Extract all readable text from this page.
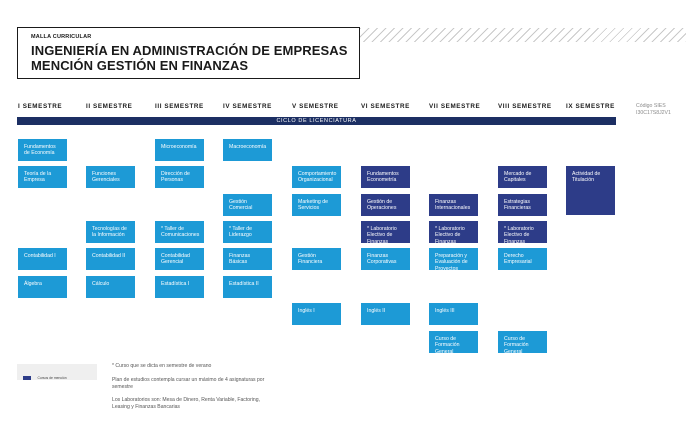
MALLA CURRICULAR
INGENIERÍA EN ADMINISTRACIÓN DE EMPRESAS
MENCIÓN GESTIÓN EN FINANZAS
I SEMESTRE	II SEMESTRE	III SEMESTRE	IV SEMESTRE	V SEMESTRE	VI SEMESTRE	VII SEMESTRE	VIII SEMESTRE IX SEMESTRE	Código SIES
I30C17S8J2V1
CICLO DE LICENCIATURA
Fundamentos de Economía
Teoría de la Empresa
Contabilidad I
Álgebra
Funciones Gerenciales
Tecnologías de la Información
Contabilidad II
Cálculo
Microeconomía
Dirección de Personas
* Taller de Comunicaciones
Contabilidad Gerencial
Estadística I
Macroeconomía
Gestión Comercial
* Taller de Liderazgo
Finanzas Básicas
Estadística II
Comportamiento Organizacional
Marketing de Servicios
Gestión Financiera
Inglés I
Fundamentos Econometría
Gestión de Operaciones
* Laboratorio Electivo de Finanzas
Finanzas Corporativas
Inglés II
Finanzas Internacionales
* Laboratorio Electivo de Finanzas
Preparación y Evaluación de Proyectos
Inglés III
Curso de Formación General
Mercado de Capitales
Estrategias Financieras
* Laboratorio Electivo de Finanzas
Derecho Empresarial
Curso de Formación General
Actividad de Titulación
Cursos de mención
* Curso que se dicta en semestre de verano
Plan de estudios contempla cursar un máximo de 4 asignaturas por semestre
Los Laboratorios son: Mesa de Dinero, Renta Variable, Factoring, Leasing y Finanzas Bancarias
